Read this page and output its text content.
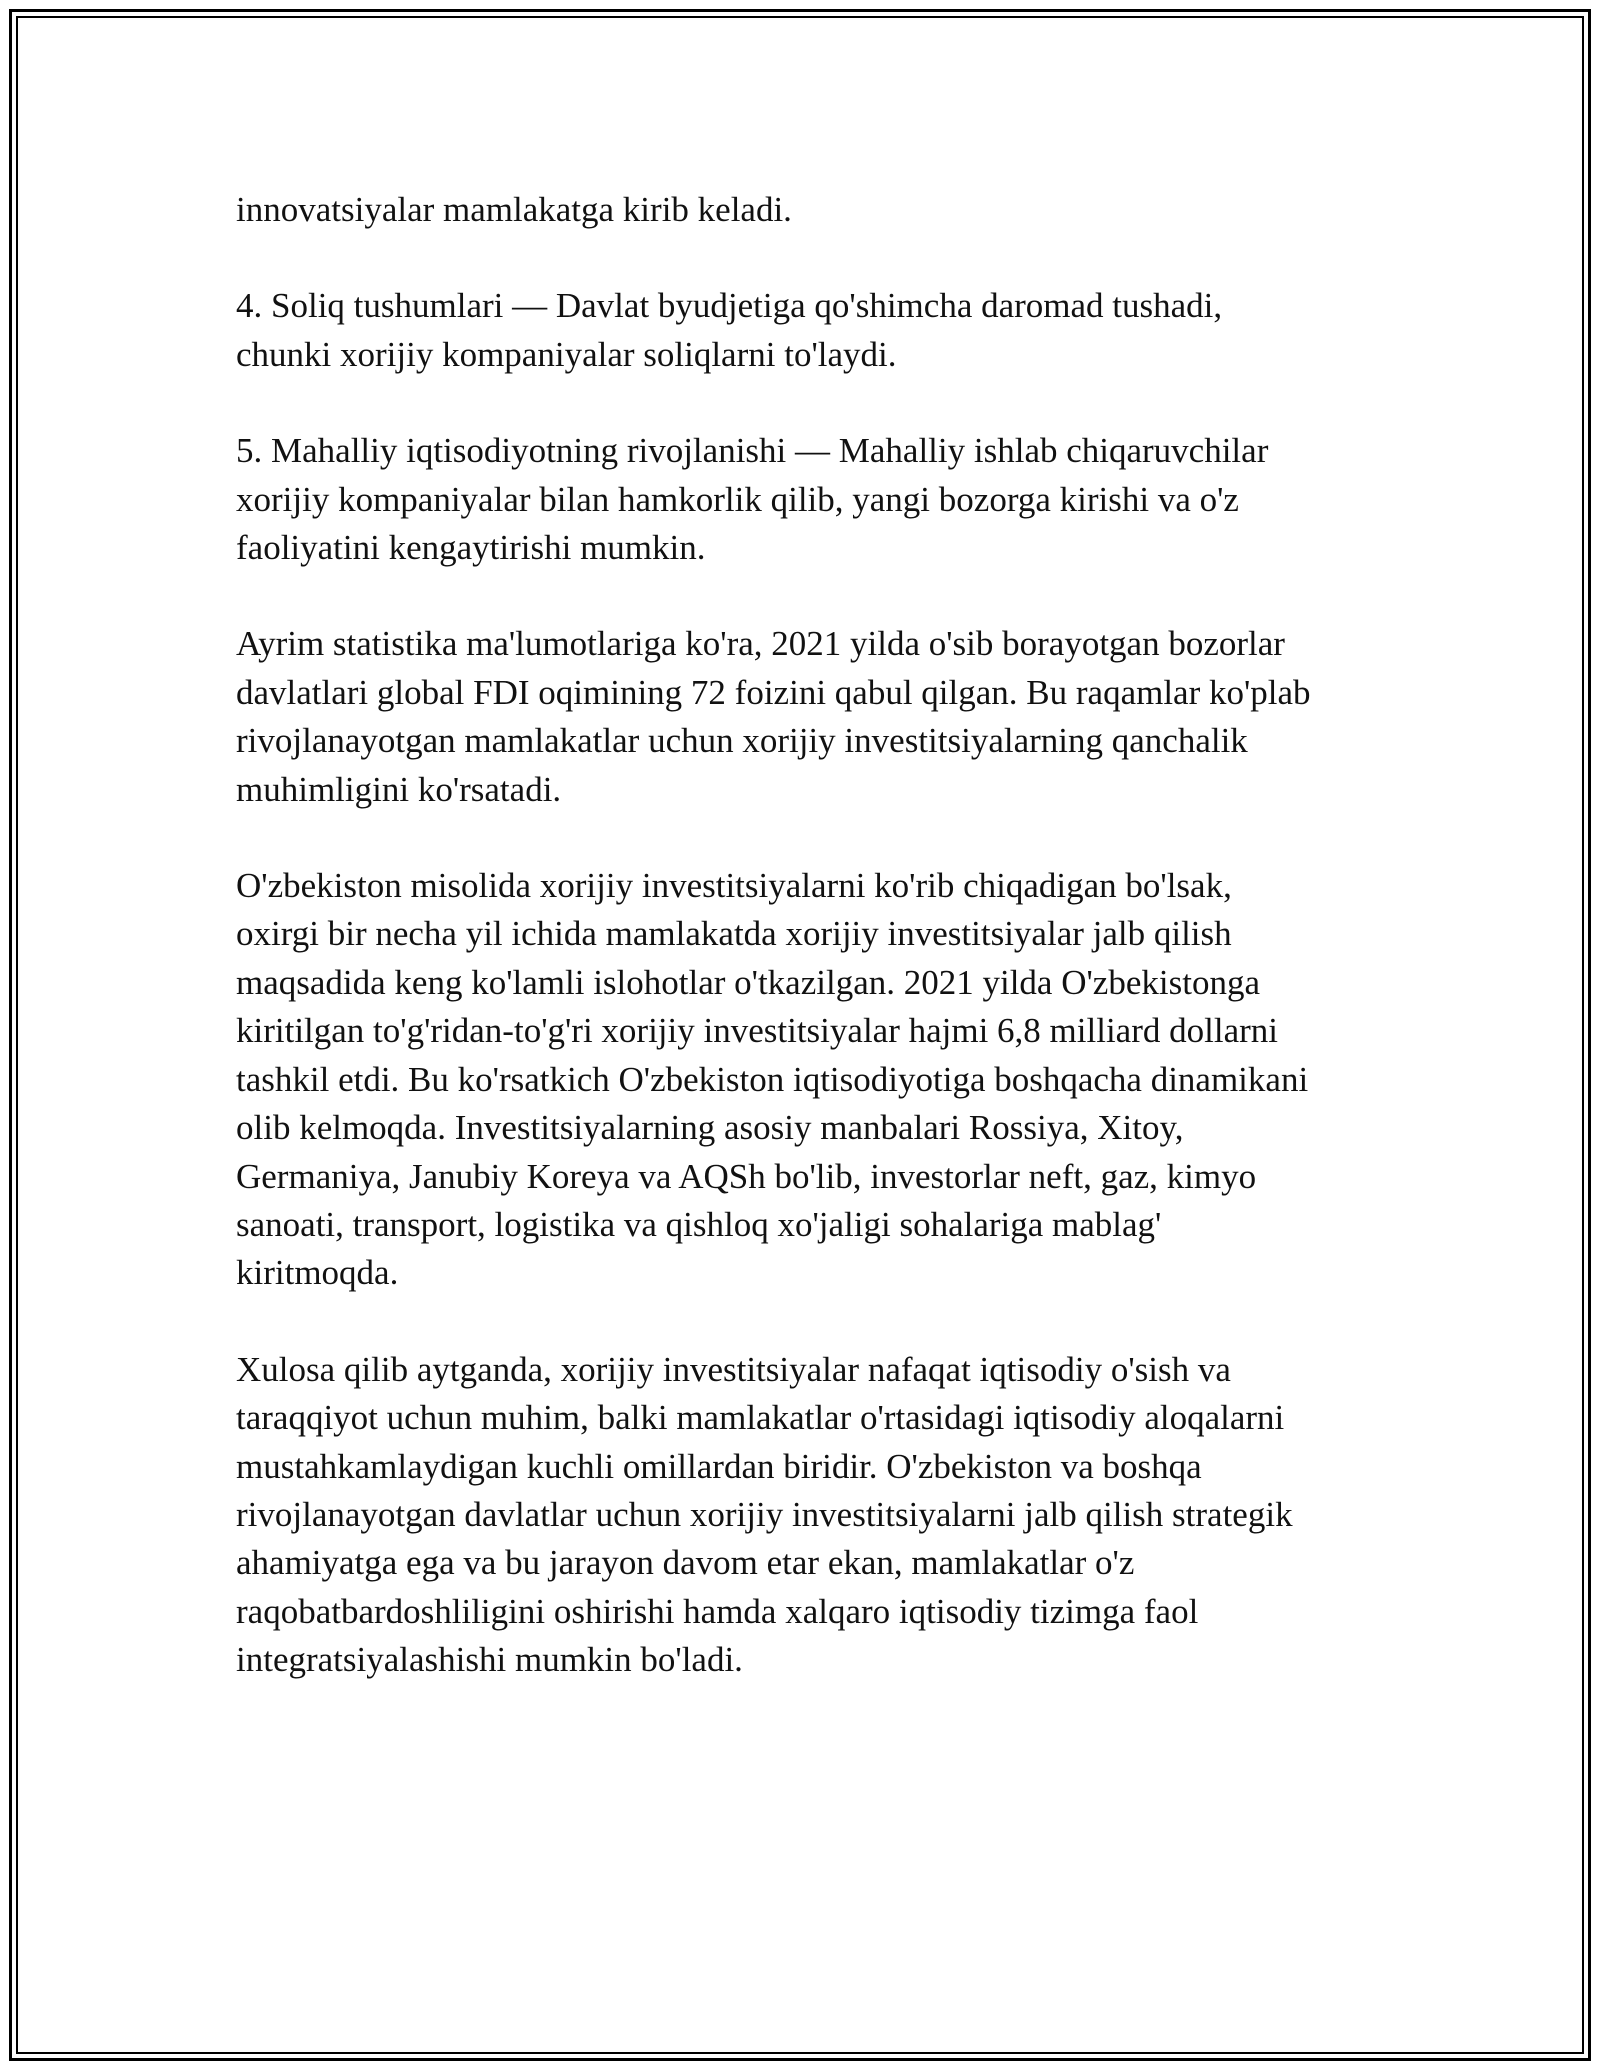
innovatsiyalar mamlakatga kirib keladi.

4. Soliq tushumlari — Davlat byudjetiga qo'shimcha daromad tushadi,
chunki xorijiy kompaniyalar soliqlarni to'laydi.

5. Mahalliy iqtisodiyotning rivojlanishi — Mahalliy ishlab chiqaruvchilar
xorijiy kompaniyalar bilan hamkorlik qilib, yangi bozorga kirishi va o'z
faoliyatini kengaytirishi mumkin.

Ayrim statistika ma'lumotlariga ko'ra, 2021 yilda o'sib borayotgan bozorlar
davlatlari global FDI oqimining 72 foizini qabul qilgan. Bu raqamlar ko'plab
rivojlanayotgan mamlakatlar uchun xorijiy investitsiyalarning qanchalik
muhimligini ko'rsatadi.

O'zbekiston misolida xorijiy investitsiyalarni ko'rib chiqadigan bo'lsak,
oxirgi bir necha yil ichida mamlakatda xorijiy investitsiyalar jalb qilish
maqsadida keng ko'lamli islohotlar o'tkazilgan. 2021 yilda O'zbekistonga
kiritilgan to'g'ridan-to'g'ri xorijiy investitsiyalar hajmi 6,8 milliard dollarni
tashkil etdi. Bu ko'rsatkich O'zbekiston iqtisodiyotiga boshqacha dinamikani
olib kelmoqda. Investitsiyalarning asosiy manbalari Rossiya, Xitoy,
Germaniya, Janubiy Koreya va AQSh bo'lib, investorlar neft, gaz, kimyo
sanoati, transport, logistika va qishloq xo'jaligi sohalariga mablag'
kiritmoqda.

Xulosa qilib aytganda, xorijiy investitsiyalar nafaqat iqtisodiy o'sish va
taraqqiyot uchun muhim, balki mamlakatlar o'rtasidagi iqtisodiy aloqalarni
mustahkamlaydigan kuchli omillardan biridir. O'zbekiston va boshqa
rivojlanayotgan davlatlar uchun xorijiy investitsiyalarni jalb qilish strategik
ahamiyatga ega va bu jarayon davom etar ekan, mamlakatlar o'z
raqobatbardoshliligini oshirishi hamda xalqaro iqtisodiy tizimga faol
integratsiyalashishi mumkin bo'ladi.
